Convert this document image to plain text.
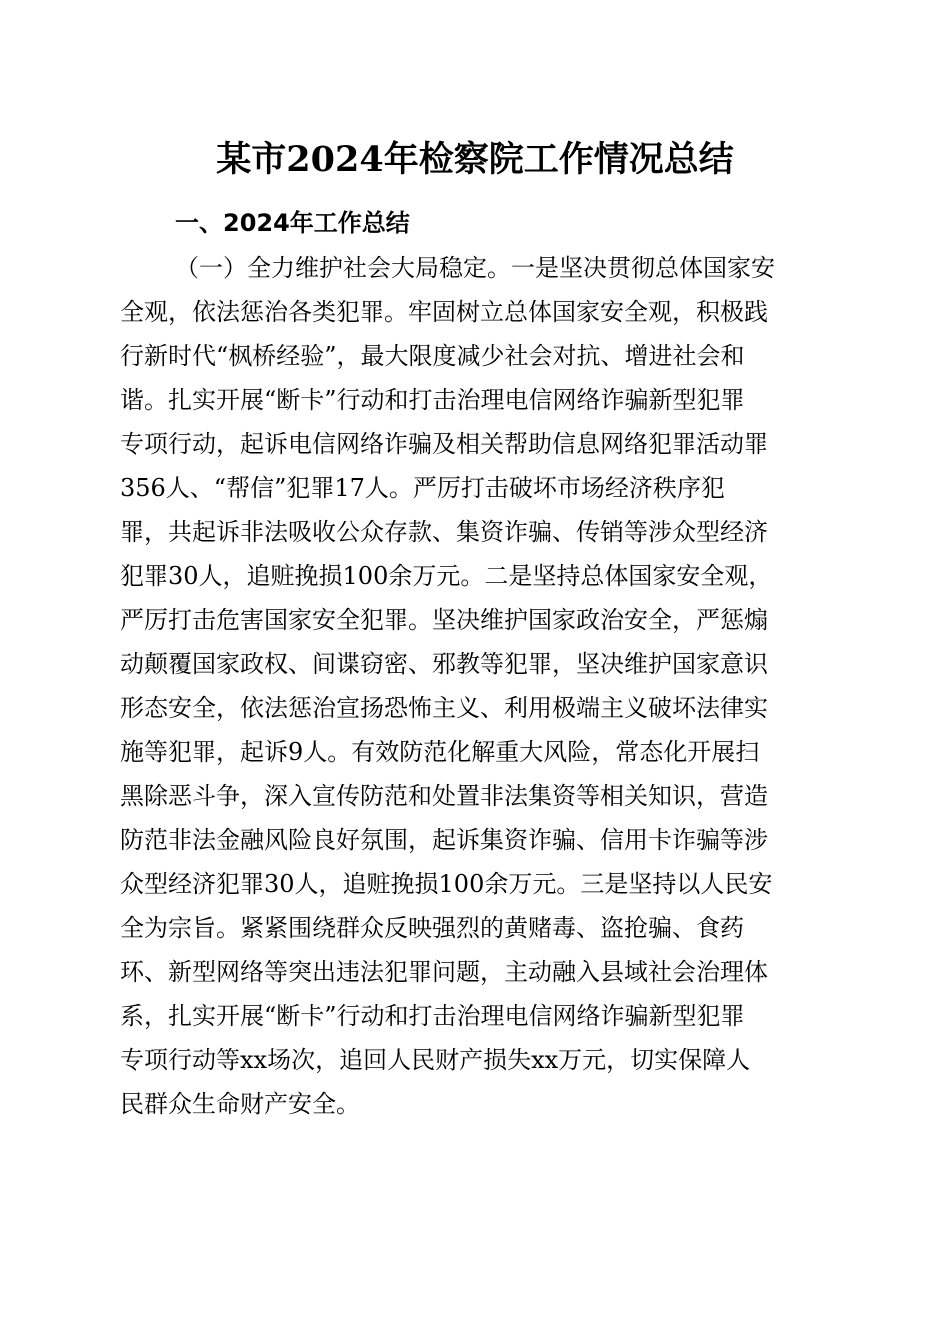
某市2024年检察院工作情况总结
一、2024年工作总结

（一）全力维护社会大局稳定。一是坚决贯彻总体国家安

全观，依法惩治各类犯罪。牢固树立总体国家安全观，积极践

行新时代“枫桥经验”，最大限度减少社会对抗、增进社会和

谐。扎实开展“断卡”行动和打击治理电信网络诈骗新型犯罪

专项行动，起诉电信网络诈骗及相关帮助信息网络犯罪活动罪

356人、“帮信”犯罪17人。严厉打击破坏市场经济秩序犯

罪，共起诉非法吸收公众存款、集资诈骗、传销等涉众型经济

犯罪30人，追赃挽损100余万元。二是坚持总体国家安全观，

严厉打击危害国家安全犯罪。坚决维护国家政治安全，严惩煽

动颠覆国家政权、间谍窃密、邪教等犯罪，坚决维护国家意识

形态安全，依法惩治宣扬恐怖主义、利用极端主义破坏法律实

施等犯罪，起诉9人。有效防范化解重大风险，常态化开展扫

黑除恶斗争，深入宣传防范和处置非法集资等相关知识，营造

防范非法金融风险良好氛围，起诉集资诈骗、信用卡诈骗等涉

众型经济犯罪30人，追赃挽损100余万元。三是坚持以人民安

全为宗旨。紧紧围绕群众反映强烈的黄赌毒、盗抢骗、食药

环、新型网络等突出违法犯罪问题，主动融入县域社会治理体

系，扎实开展“断卡”行动和打击治理电信网络诈骗新型犯罪

专项行动等xx场次，追回人民财产损失xx万元，切实保障人

民群众生命财产安全。
